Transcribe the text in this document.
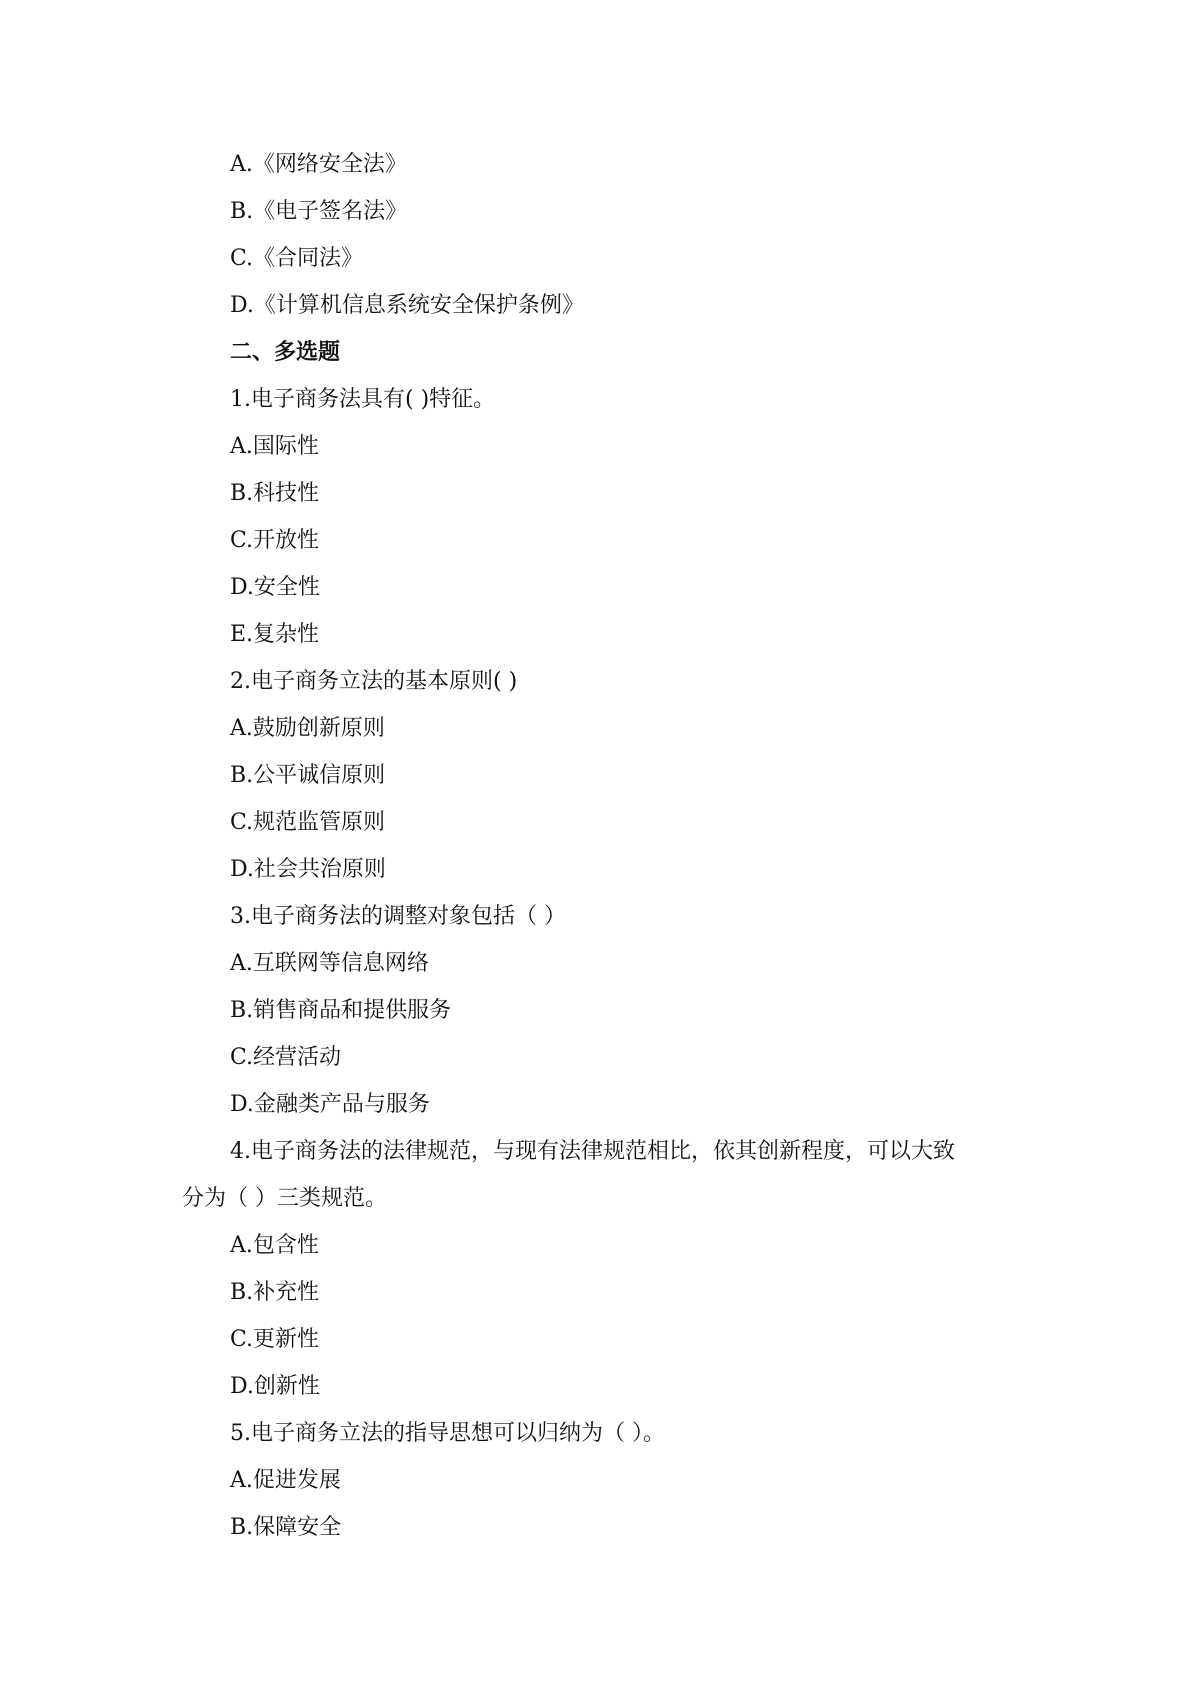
A.《网络安全法》
B.《电子签名法》
C.《合同法》
D.《计算机信息系统安全保护条例》
二、多选题
1.电子商务法具有( )特征。
A.国际性
B.科技性
C.开放性
D.安全性
E.复杂性
2.电子商务立法的基本原则( )
A.鼓励创新原则
B.公平诚信原则
C.规范监管原则
D.社会共治原则
3.电子商务法的调整对象包括（ ）
A.互联网等信息网络
B.销售商品和提供服务
C.经营活动
D.金融类产品与服务
4.电子商务法的法律规范，与现有法律规范相比，依其创新程度，可以大致
分为（ ）三类规范。
A.包含性
B.补充性
C.更新性
D.创新性
5.电子商务立法的指导思想可以归纳为（ ）。
A.促进发展
B.保障安全
